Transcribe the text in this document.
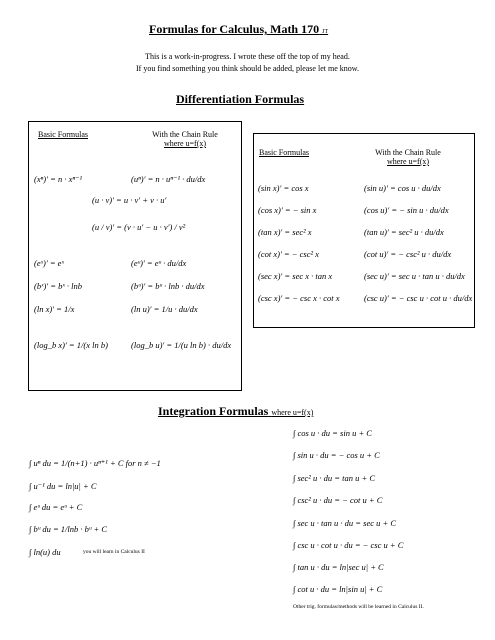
Formulas for Calculus, Math 170 JT
This is a work-in-progress. I wrote these off the top of my head.
If you find something you think should be added, please let me know.
Differentiation Formulas
Basic Formulas	With the Chain Rule
where u=f(x)
(xⁿ)′ = n · xⁿ⁻¹	(uⁿ)′ = n · uⁿ⁻¹ · du/dx
(u · v)′ = u · v′ + v · u′
(u / v)′ = (v · u′ − u · v′) / v²
(eˣ)′ = eˣ	(eᵘ)′ = eᵘ · du/dx
(bˣ)′ = bˣ · lnb	(bᵘ)′ = bᵘ · lnb · du/dx
(ln x)′ = 1/x	(ln u)′ = 1/u · du/dx
(log_b x)′ = 1/(x ln b)	(log_b u)′ = 1/(u ln b) · du/dx
Basic Formulas	With the Chain Rule
where u=f(x)
(sin x)′ = cos x	(sin u)′ = cos u · du/dx
(cos x)′ = − sin x	(cos u)′ = − sin u · du/dx
(tan x)′ = sec² x	(tan u)′ = sec² u · du/dx
(cot x)′ = − csc² x	(cot u)′ = − csc² u · du/dx
(sec x)′ = sec x · tan x	(sec u)′ = sec u · tan u · du/dx
(csc x)′ = − csc x · cot x	(csc u)′ = − csc u · cot u · du/dx
Integration Formulas where u=f(x)
∫ uⁿ du = 1/(n+1) · uⁿ⁺¹ + C for n ≠ −1
∫ u⁻¹ du = ln|u| + C
∫ eᵘ du = eᵘ + C
∫ bᵘ du = 1/lnb · bᵘ + C
∫ ln(u) du	you will learn in Calculus II
∫ cos u · du = sin u + C
∫ sin u · du = − cos u + C
∫ sec² u · du = tan u + C
∫ csc² u · du = − cot u + C
∫ sec u · tan u · du = sec u + C
∫ csc u · cot u · du = − csc u + C
∫ tan u · du = ln|sec u| + C
∫ cot u · du = ln|sin u| + C
Other trig. formulas/methods will be learned in Calculus II.
